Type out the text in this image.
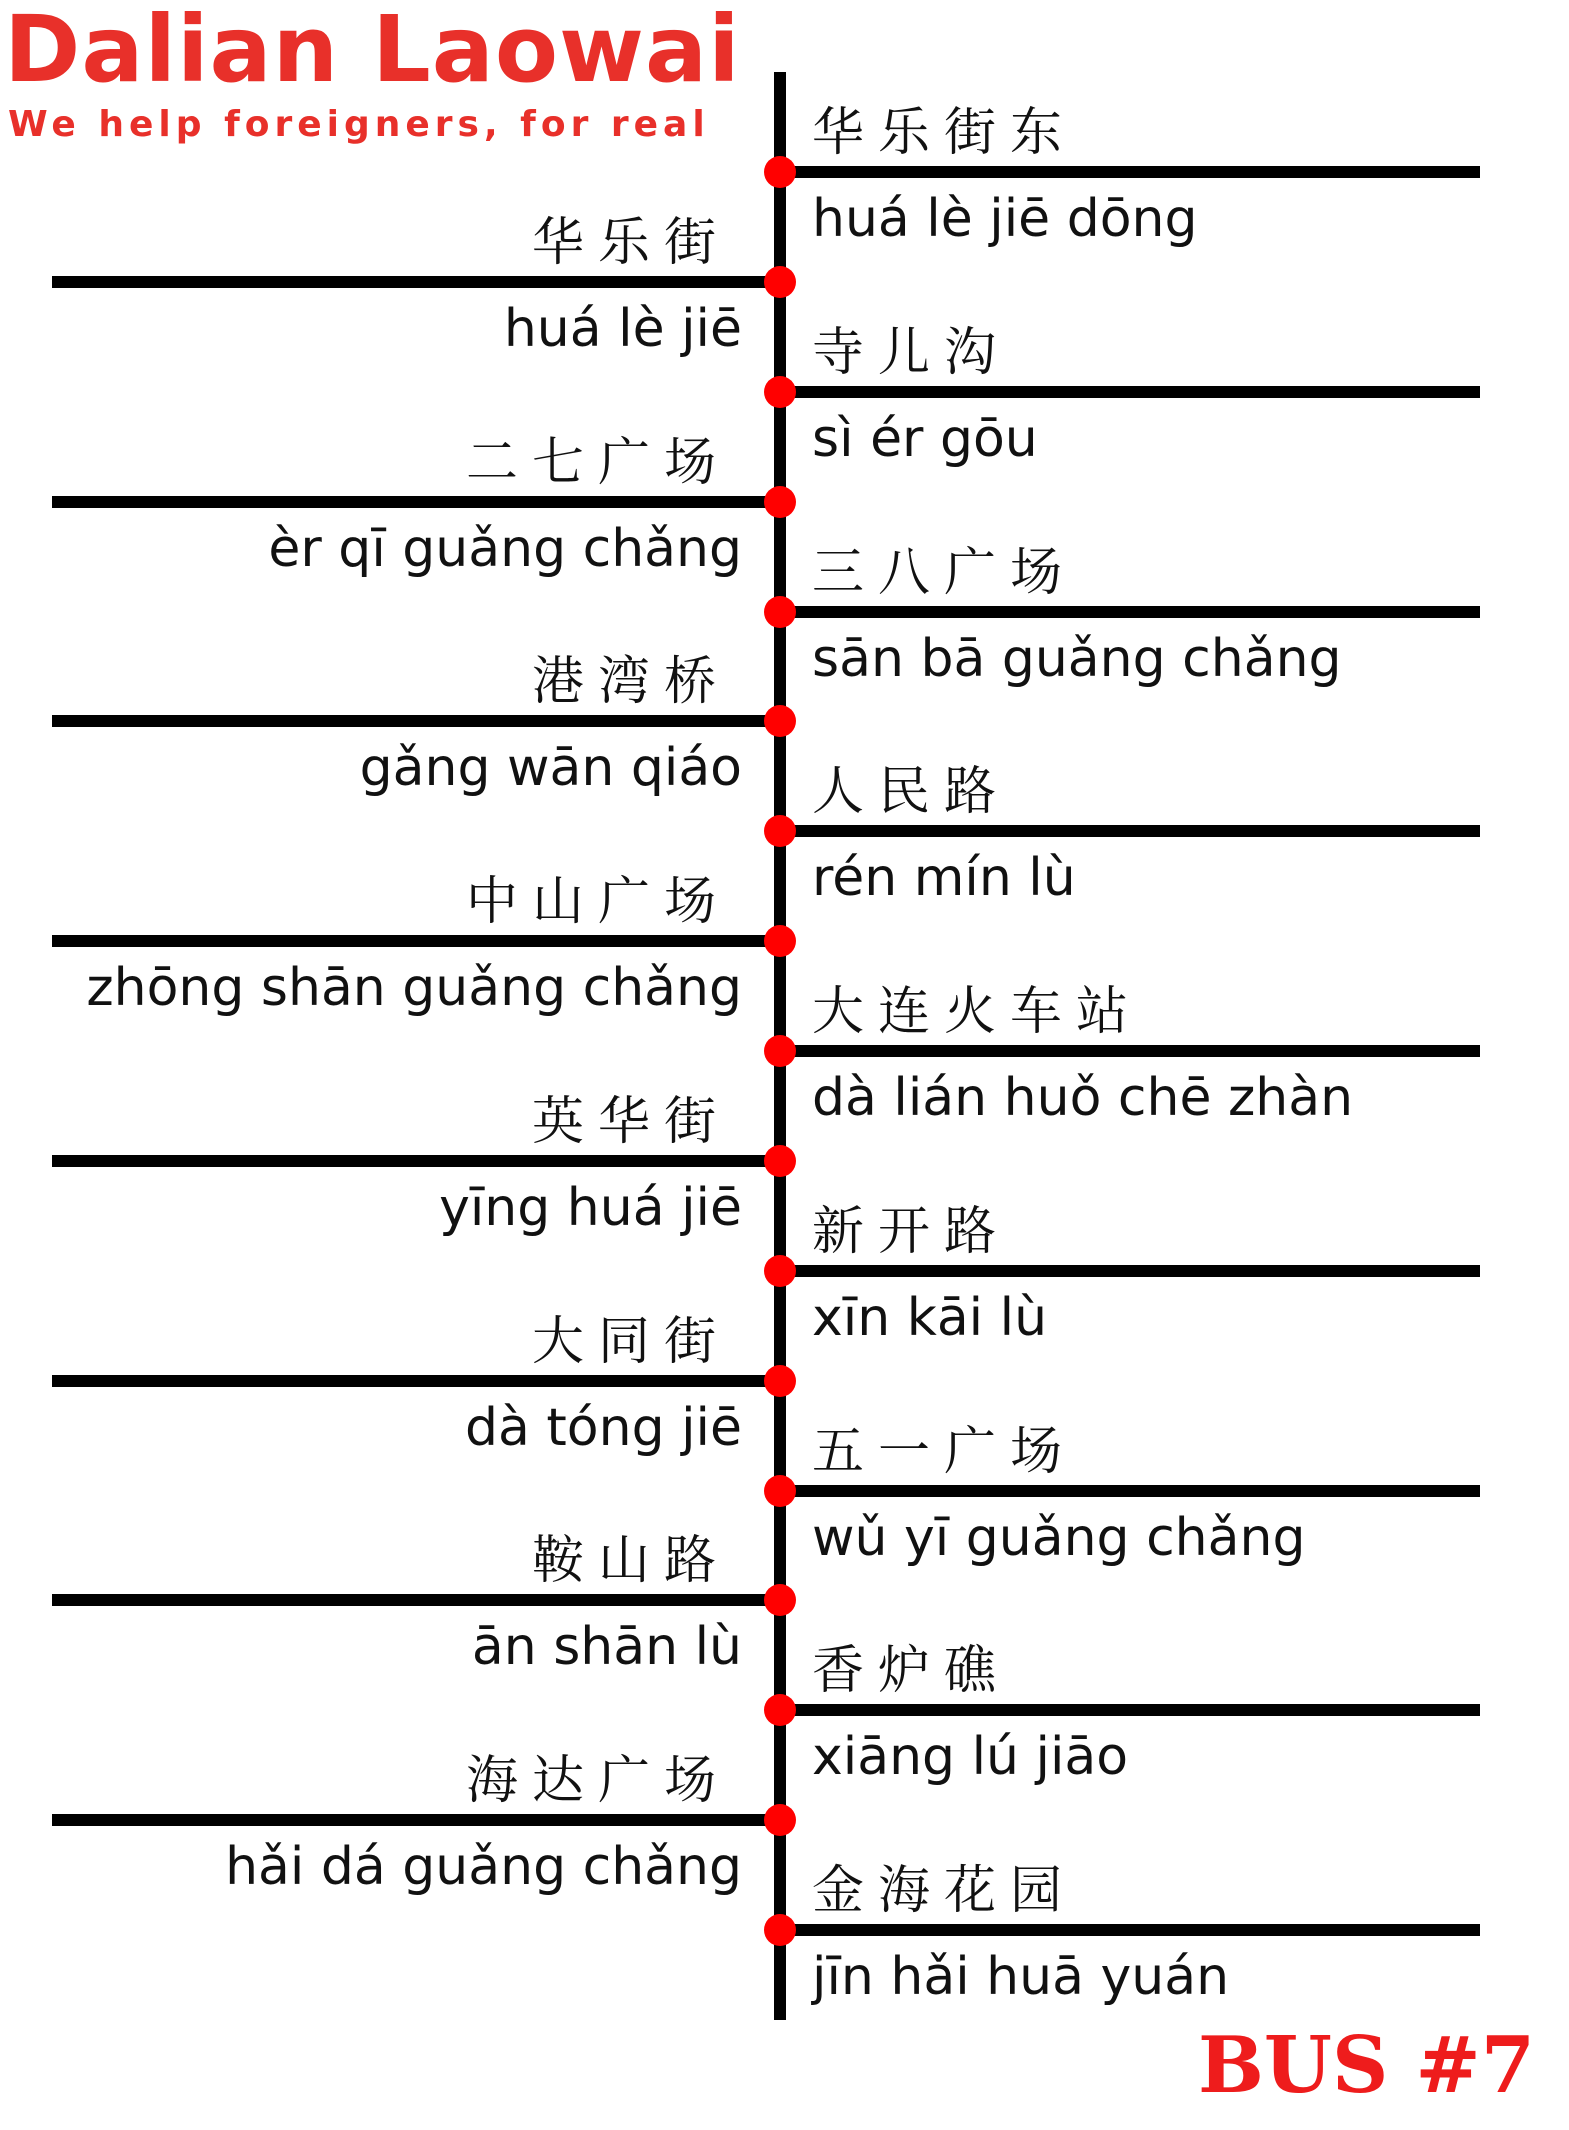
Dalian Laowai
We help foreigners, for real 华乐街东
huá lè jiē dōng
华乐街
huá lè jiē 寺儿沟
sì ér gōu
二七广场
èr qī guǎng chǎng 三八广场
sān bā guǎng chǎng
港湾桥
gǎng wān qiáo 人民路
rén mín lù
中山广场
zhōng shān guǎng chǎng 大连火车站
dà lián huǒ chē zhàn
英华街
yīng huá jiē 新开路
xīn kāi lù
大同街
dà tóng jiē 五一广场
wǔ yī guǎng chǎng
鞍山路
ān shān lù 香炉礁
xiāng lú jiāo
海达广场
hǎi dá guǎng chǎng 金海花园
jīn hǎi huā yuán
BUS #7
